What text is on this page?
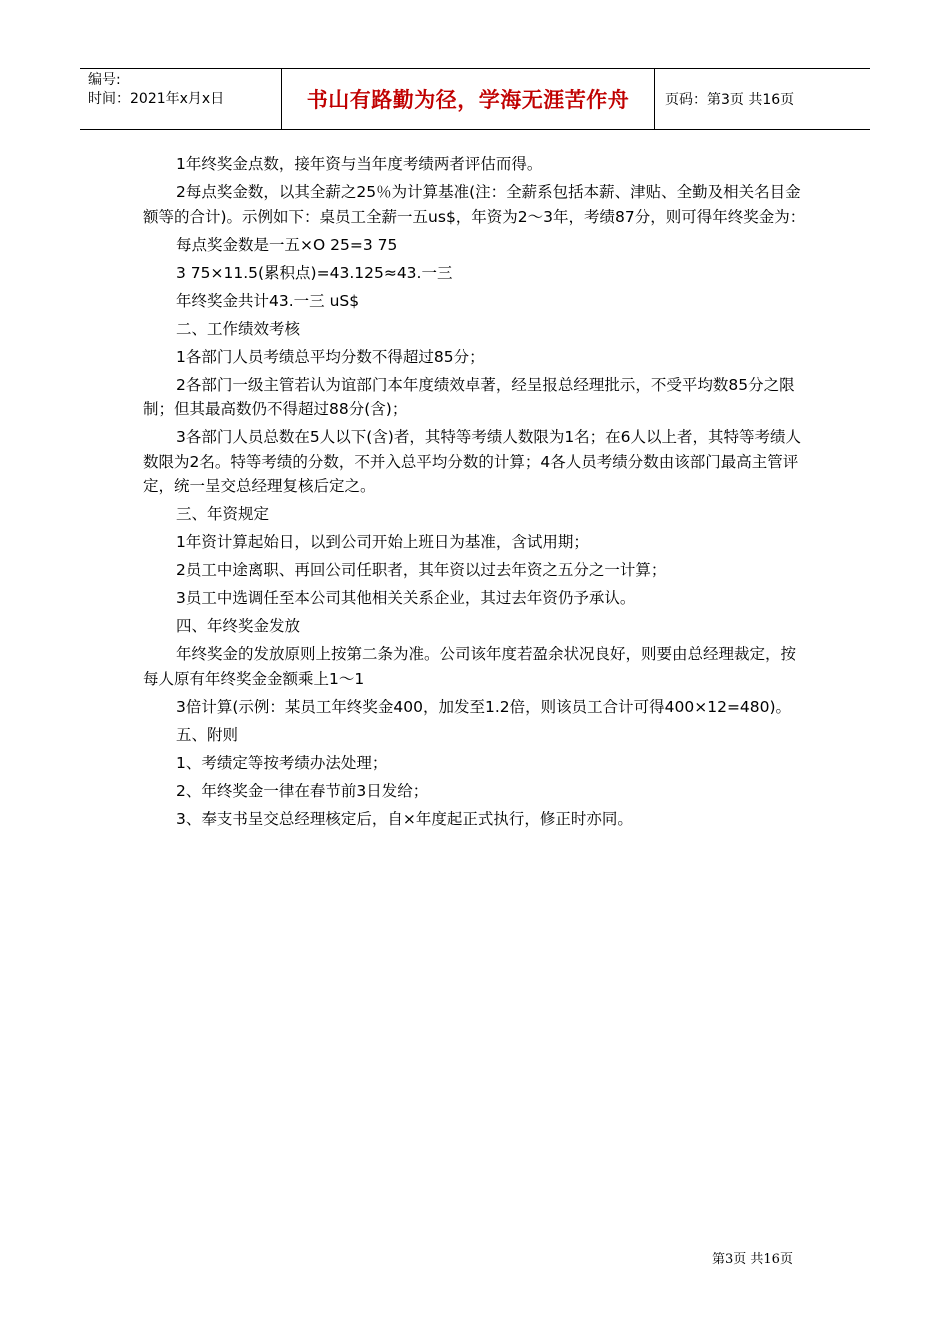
编号:
时间：2021年x月x日	书山有路勤为径，学海无涯苦作舟	页码：第3页 共16页

1年终奖金点数，接年资与当年度考绩两者评估而得。

2每点奖金数，以其全薪之25％为计算基准(注：全薪系包括本薪、津贴、全勤及相关名目金额等的合计)。示例如下：桌员工全薪一五us$，年资为2～3年，考绩87分，则可得年终奖金为：

每点奖金数是一五×O 25=3 75

3 75×11.5(累积点)=43.125≈43.一三

年终奖金共计43.一三 uS$

二、工作绩效考核

1各部门人员考绩总平均分数不得超过85分；

2各部门一级主管若认为谊部门本年度绩效卓著，经呈报总经理批示，不受平均数85分之限制；但其最高数仍不得超过88分(含)；

3各部门人员总数在5人以下(含)者，其特等考绩人数限为1名；在6人以上者，其特等考绩人数限为2名。特等考绩的分数，不并入总平均分数的计算；4各人员考绩分数由该部门最高主管评定，统一呈交总经理复核后定之。

三、年资规定

1年资计算起始日，以到公司开始上班日为基准，含试用期；

2员工中途离职、再回公司任职者，其年资以过去年资之五分之一计算；

3员工中选调任至本公司其他相关关系企业，其过去年资仍予承认。

四、年终奖金发放

年终奖金的发放原则上按第二条为准。公司该年度若盈余状况良好，则要由总经理裁定，按每人原有年终奖金金额乘上1～1

3倍计算(示例：某员工年终奖金400，加发至1.2倍，则该员工合计可得400×12=480)。

五、附则

1、考绩定等按考绩办法处理；

2、年终奖金一律在春节前3日发给；

3、奉支书呈交总经理核定后，自×年度起正式执行，修正时亦同。

第3页 共16页
